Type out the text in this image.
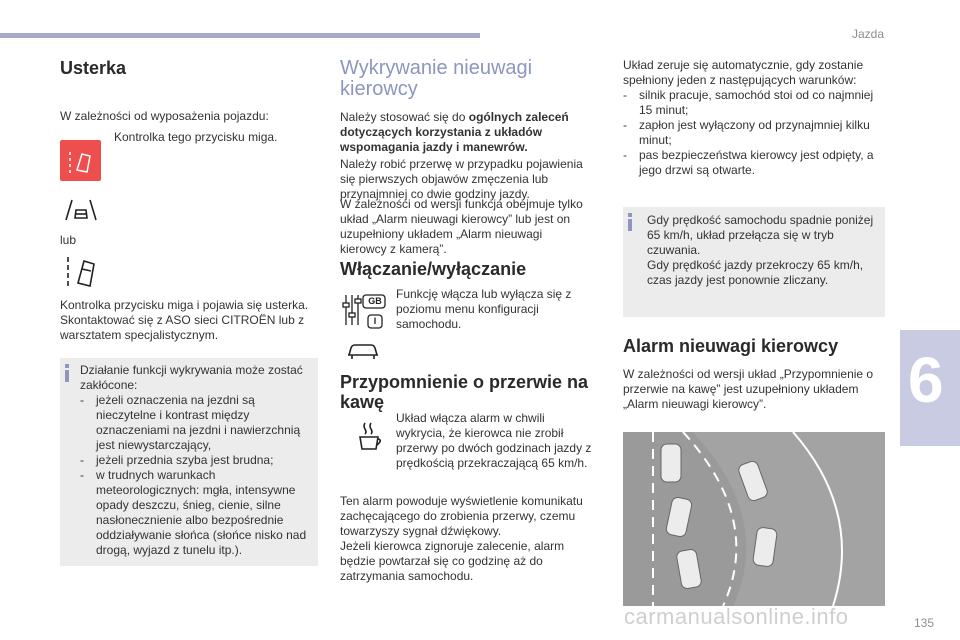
Jazda
Usterka

W zależności od wyposażenia pojazdu:

Kontrolka tego przycisku miga.

lub

Kontrolka przycisku miga i pojawia się usterka. Skontaktować się z ASO sieci CITROËN lub z warsztatem specjalistycznym.

Działanie funkcji wykrywania może zostać zakłócone:

- jeżeli oznaczenia na jezdni są nieczytelne i kontrast między oznaczeniami na jezdni i nawierzchnią jest niewystarczający,
- jeżeli przednia szyba jest brudna;
- w trudnych warunkach meteorologicznych: mgła, intensywne opady deszczu, śnieg, cienie, silne nasłonecznienie albo bezpośrednie oddziaływanie słońca (słońce nisko nad drogą, wyjazd z tunelu itp.).
Wykrywanie nieuwagi kierowcy

Należy stosować się do ogólnych zaleceń dotyczących korzystania z układów wspomagania jazdy i manewrów.

Należy robić przerwę w przypadku pojawienia się pierwszych objawów zmęczenia lub przynajmniej co dwie godziny jazdy.

W zależności od wersji funkcja obejmuje tylko układ „Alarm nieuwagi kierowcy” lub jest on uzupełniony układem „Alarm nieuwagi kierowcy z kamerą”.

Włączanie/wyłączanie
GB
I

Funkcję włącza lub wyłącza się z poziomu menu konfiguracji samochodu.

Przypomnienie o przerwie na kawę

Układ włącza alarm w chwili wykrycia, że kierowca nie zrobił przerwy po dwóch godzinach jazdy z prędkością przekraczającą 65 km/h.

Ten alarm powoduje wyświetlenie komunikatu zachęcającego do zrobienia przerwy, czemu towarzyszy sygnał dźwiękowy.

Jeżeli kierowca zignoruje zalecenie, alarm będzie powtarzał się co godzinę aż do zatrzymania samochodu.

Układ zeruje się automatycznie, gdy zostanie spełniony jeden z następujących warunków:

- silnik pracuje, samochód stoi od co najmniej 15 minut;
- zapłon jest wyłączony od przynajmniej kilku minut;
- pas bezpieczeństwa kierowcy jest odpięty, a jego drzwi są otwarte.

Gdy prędkość samochodu spadnie poniżej 65 km/h, układ przełącza się w tryb czuwania.

Gdy prędkość jazdy przekroczy 65 km/h, czas jazdy jest ponownie zliczany.

Alarm nieuwagi kierowcy

W zależności od wersji układ „Przypomnienie o przerwie na kawę” jest uzupełniony układem „Alarm nieuwagi kierowcy”.	6
carmanualsonline.info	135
